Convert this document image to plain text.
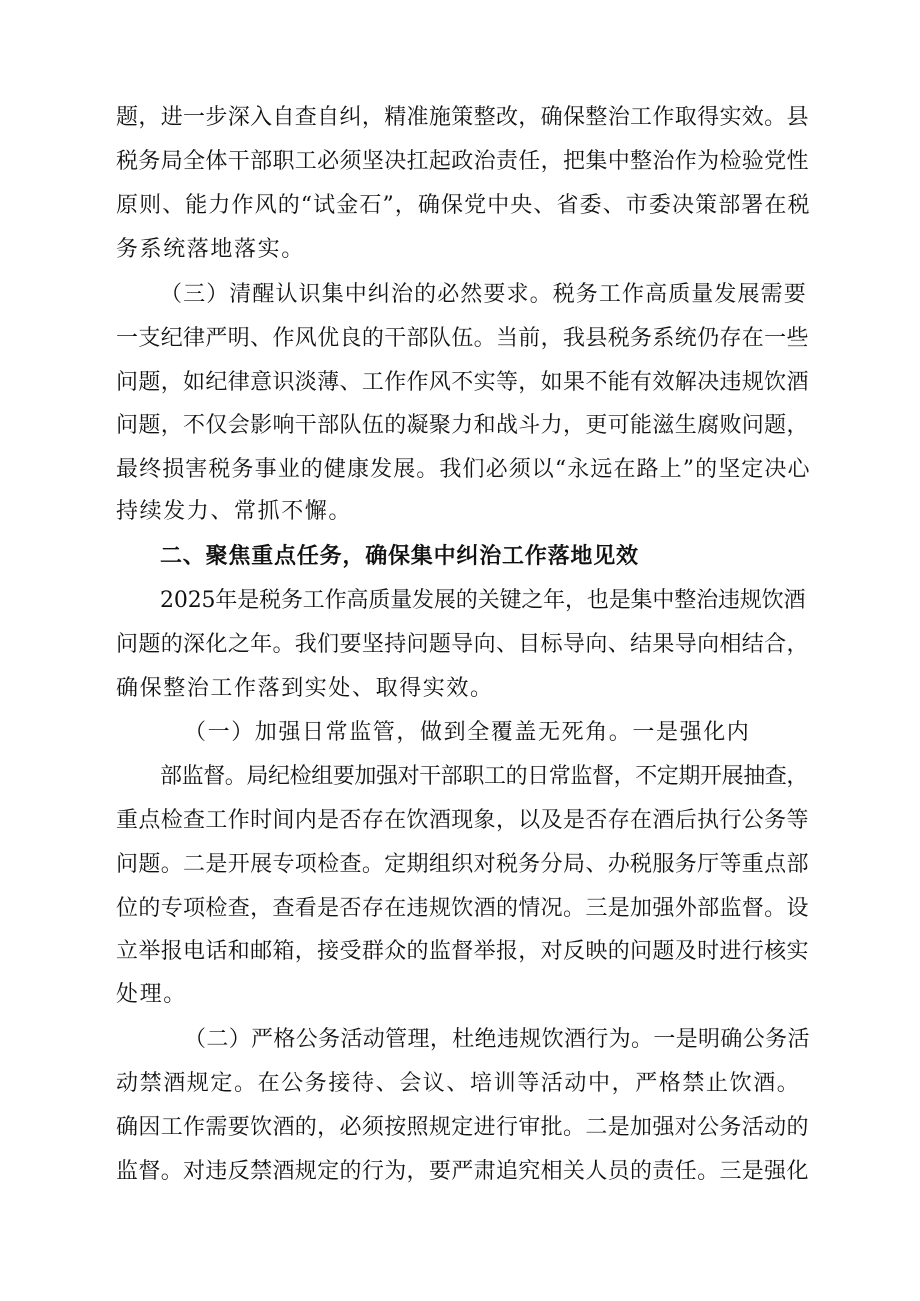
题，进一步深入自查自纠，精准施策整改，确保整治工作取得实效。县
税务局全体干部职工必须坚决扛起政治责任，把集中整治作为检验党性
原则、能力作风的“试金石”，确保党中央、省委、市委决策部署在税
务系统落地落实。
（三）清醒认识集中纠治的必然要求。税务工作高质量发展需要
一支纪律严明、作风优良的干部队伍。当前，我县税务系统仍存在一些
问题，如纪律意识淡薄、工作作风不实等，如果不能有效解决违规饮酒
问题，不仅会影响干部队伍的凝聚力和战斗力，更可能滋生腐败问题，
最终损害税务事业的健康发展。我们必须以“永远在路上”的坚定决心
持续发力、常抓不懈。
二、聚焦重点任务，确保集中纠治工作落地见效
2025年是税务工作高质量发展的关键之年，也是集中整治违规饮酒
问题的深化之年。我们要坚持问题导向、目标导向、结果导向相结合，
确保整治工作落到实处、取得实效。
（一）加强日常监管，做到全覆盖无死角。一是强化内
部监督。局纪检组要加强对干部职工的日常监督，不定期开展抽查，
重点检查工作时间内是否存在饮酒现象，以及是否存在酒后执行公务等
问题。二是开展专项检查。定期组织对税务分局、办税服务厅等重点部
位的专项检查，查看是否存在违规饮酒的情况。三是加强外部监督。设
立举报电话和邮箱，接受群众的监督举报，对反映的问题及时进行核实
处理。
（二）严格公务活动管理，杜绝违规饮酒行为。一是明确公务活
动禁酒规定。在公务接待、会议、培训等活动中，严格禁止饮酒。
确因工作需要饮酒的，必须按照规定进行审批。二是加强对公务活动的
监督。对违反禁酒规定的行为，要严肃追究相关人员的责任。三是强化
